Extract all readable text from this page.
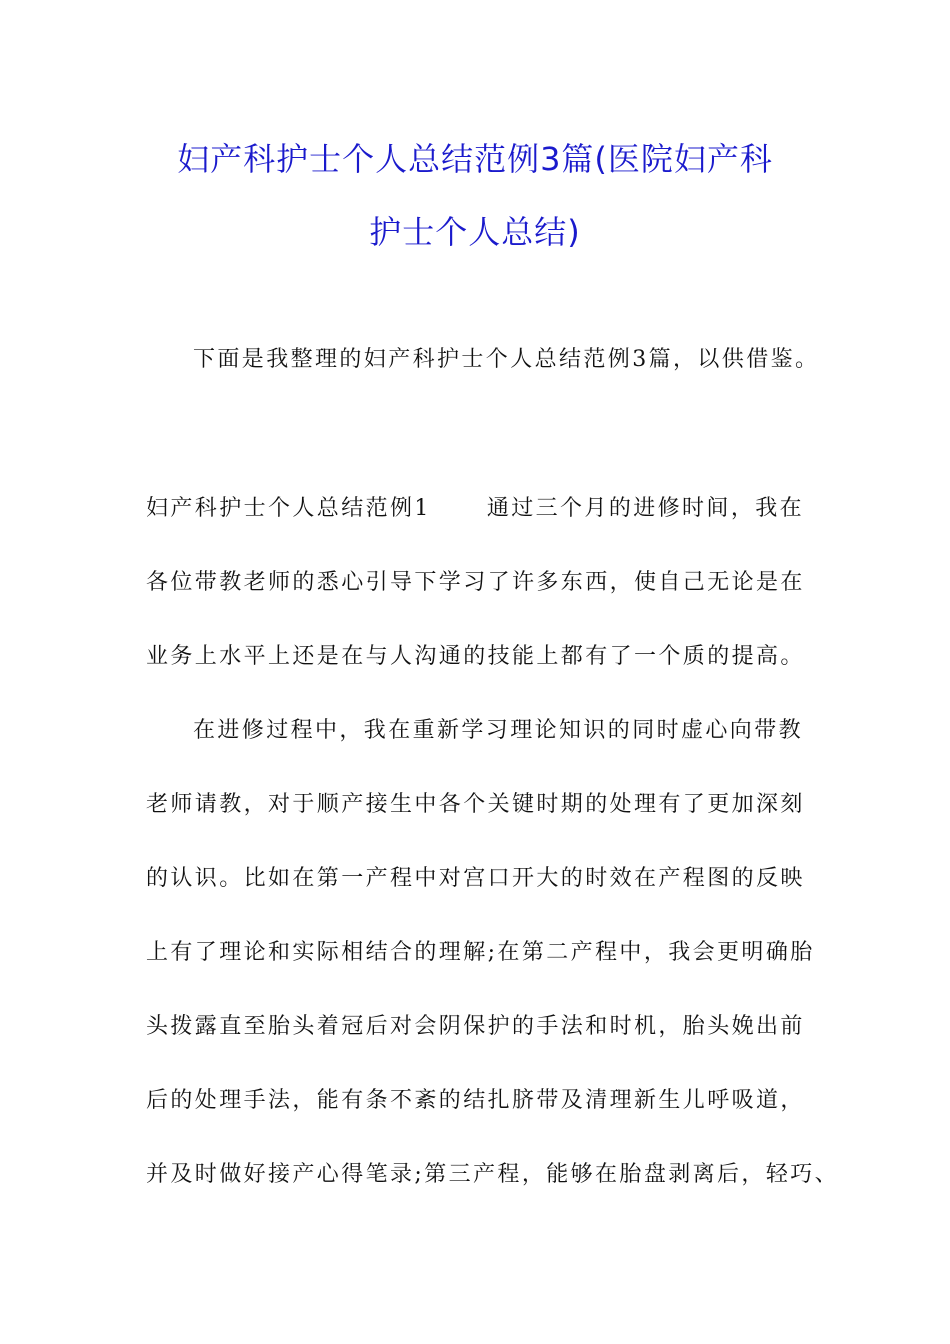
妇产科护士个人总结范例3篇(医院妇产科
护士个人总结)
下面是我整理的妇产科护士个人总结范例3篇，以供借鉴。
妇产科护士个人总结范例1	通过三个月的进修时间，我在
各位带教老师的悉心引导下学习了许多东西，使自己无论是在
业务上水平上还是在与人沟通的技能上都有了一个质的提高。
在进修过程中，我在重新学习理论知识的同时虚心向带教
老师请教，对于顺产接生中各个关键时期的处理有了更加深刻
的认识。比如在第一产程中对宫口开大的时效在产程图的反映
上有了理论和实际相结合的理解;在第二产程中，我会更明确胎
头拨露直至胎头着冠后对会阴保护的手法和时机，胎头娩出前
后的处理手法，能有条不紊的结扎脐带及清理新生儿呼吸道，
并及时做好接产心得笔录;第三产程，能够在胎盘剥离后，轻巧、
